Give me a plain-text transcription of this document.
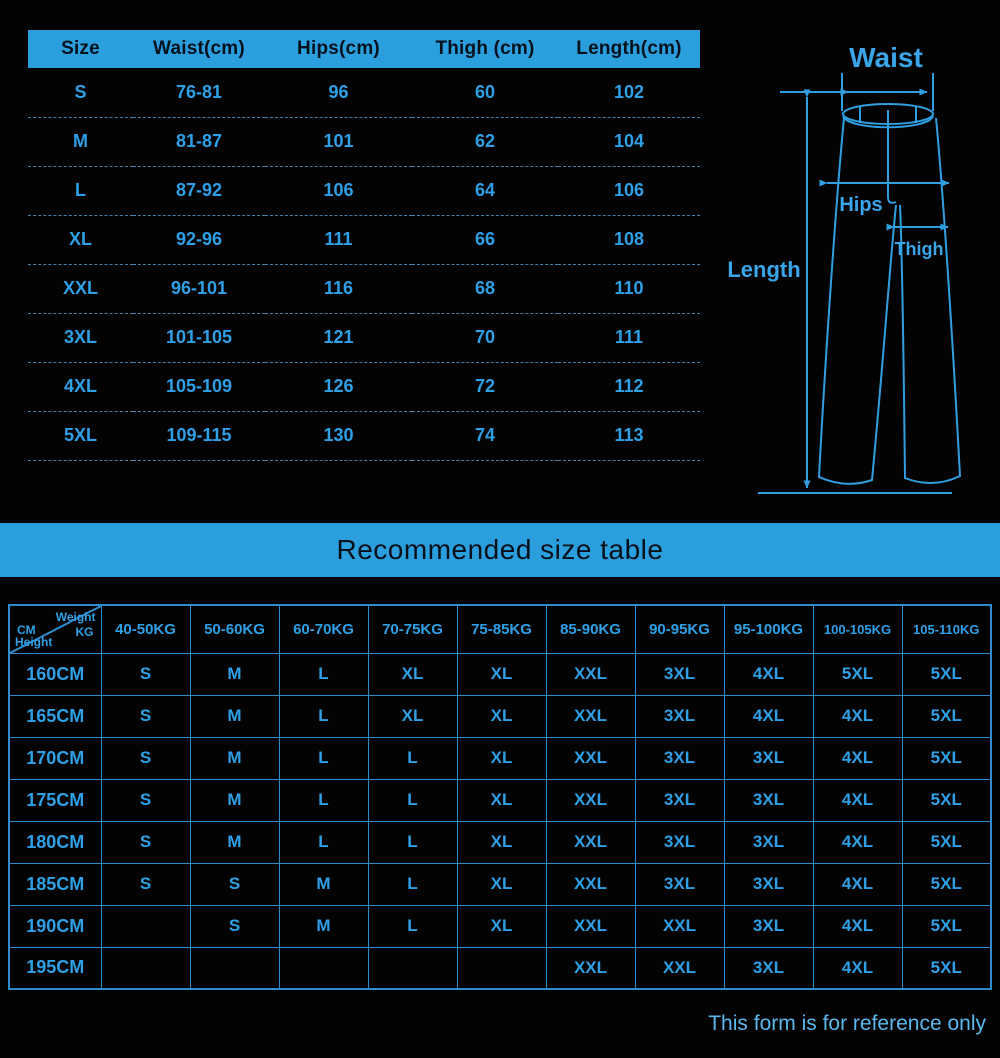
Size	Waist(cm)	Hips(cm)	Thigh (cm)	Length(cm)
S	76-81	96	60	102
M	81-87	101	62	104
L	87-92	106	64	106
XL	92-96	111	66	108
XXL	96-101	116	68	110
3XL	101-105	121	70	111
4XL	105-109	126	72	112
5XL	109-115	130	74	113
Waist
Hips
Thigh
Length
Recommended size table
Weight
KG
CM
Height	40-50KG	50-60KG	60-70KG	70-75KG	75-85KG	85-90KG	90-95KG	95-100KG	100-105KG	105-110KG
160CM	S	M	L	XL	XL	XXL	3XL	4XL	5XL	5XL
165CM	S	M	L	XL	XL	XXL	3XL	4XL	4XL	5XL
170CM	S	M	L	L	XL	XXL	3XL	3XL	4XL	5XL
175CM	S	M	L	L	XL	XXL	3XL	3XL	4XL	5XL
180CM	S	M	L	L	XL	XXL	3XL	3XL	4XL	5XL
185CM	S	S	M	L	XL	XXL	3XL	3XL	4XL	5XL
190CM		S	M	L	XL	XXL	XXL	3XL	4XL	5XL
195CM						XXL	XXL	3XL	4XL	5XL
This form is for reference only
